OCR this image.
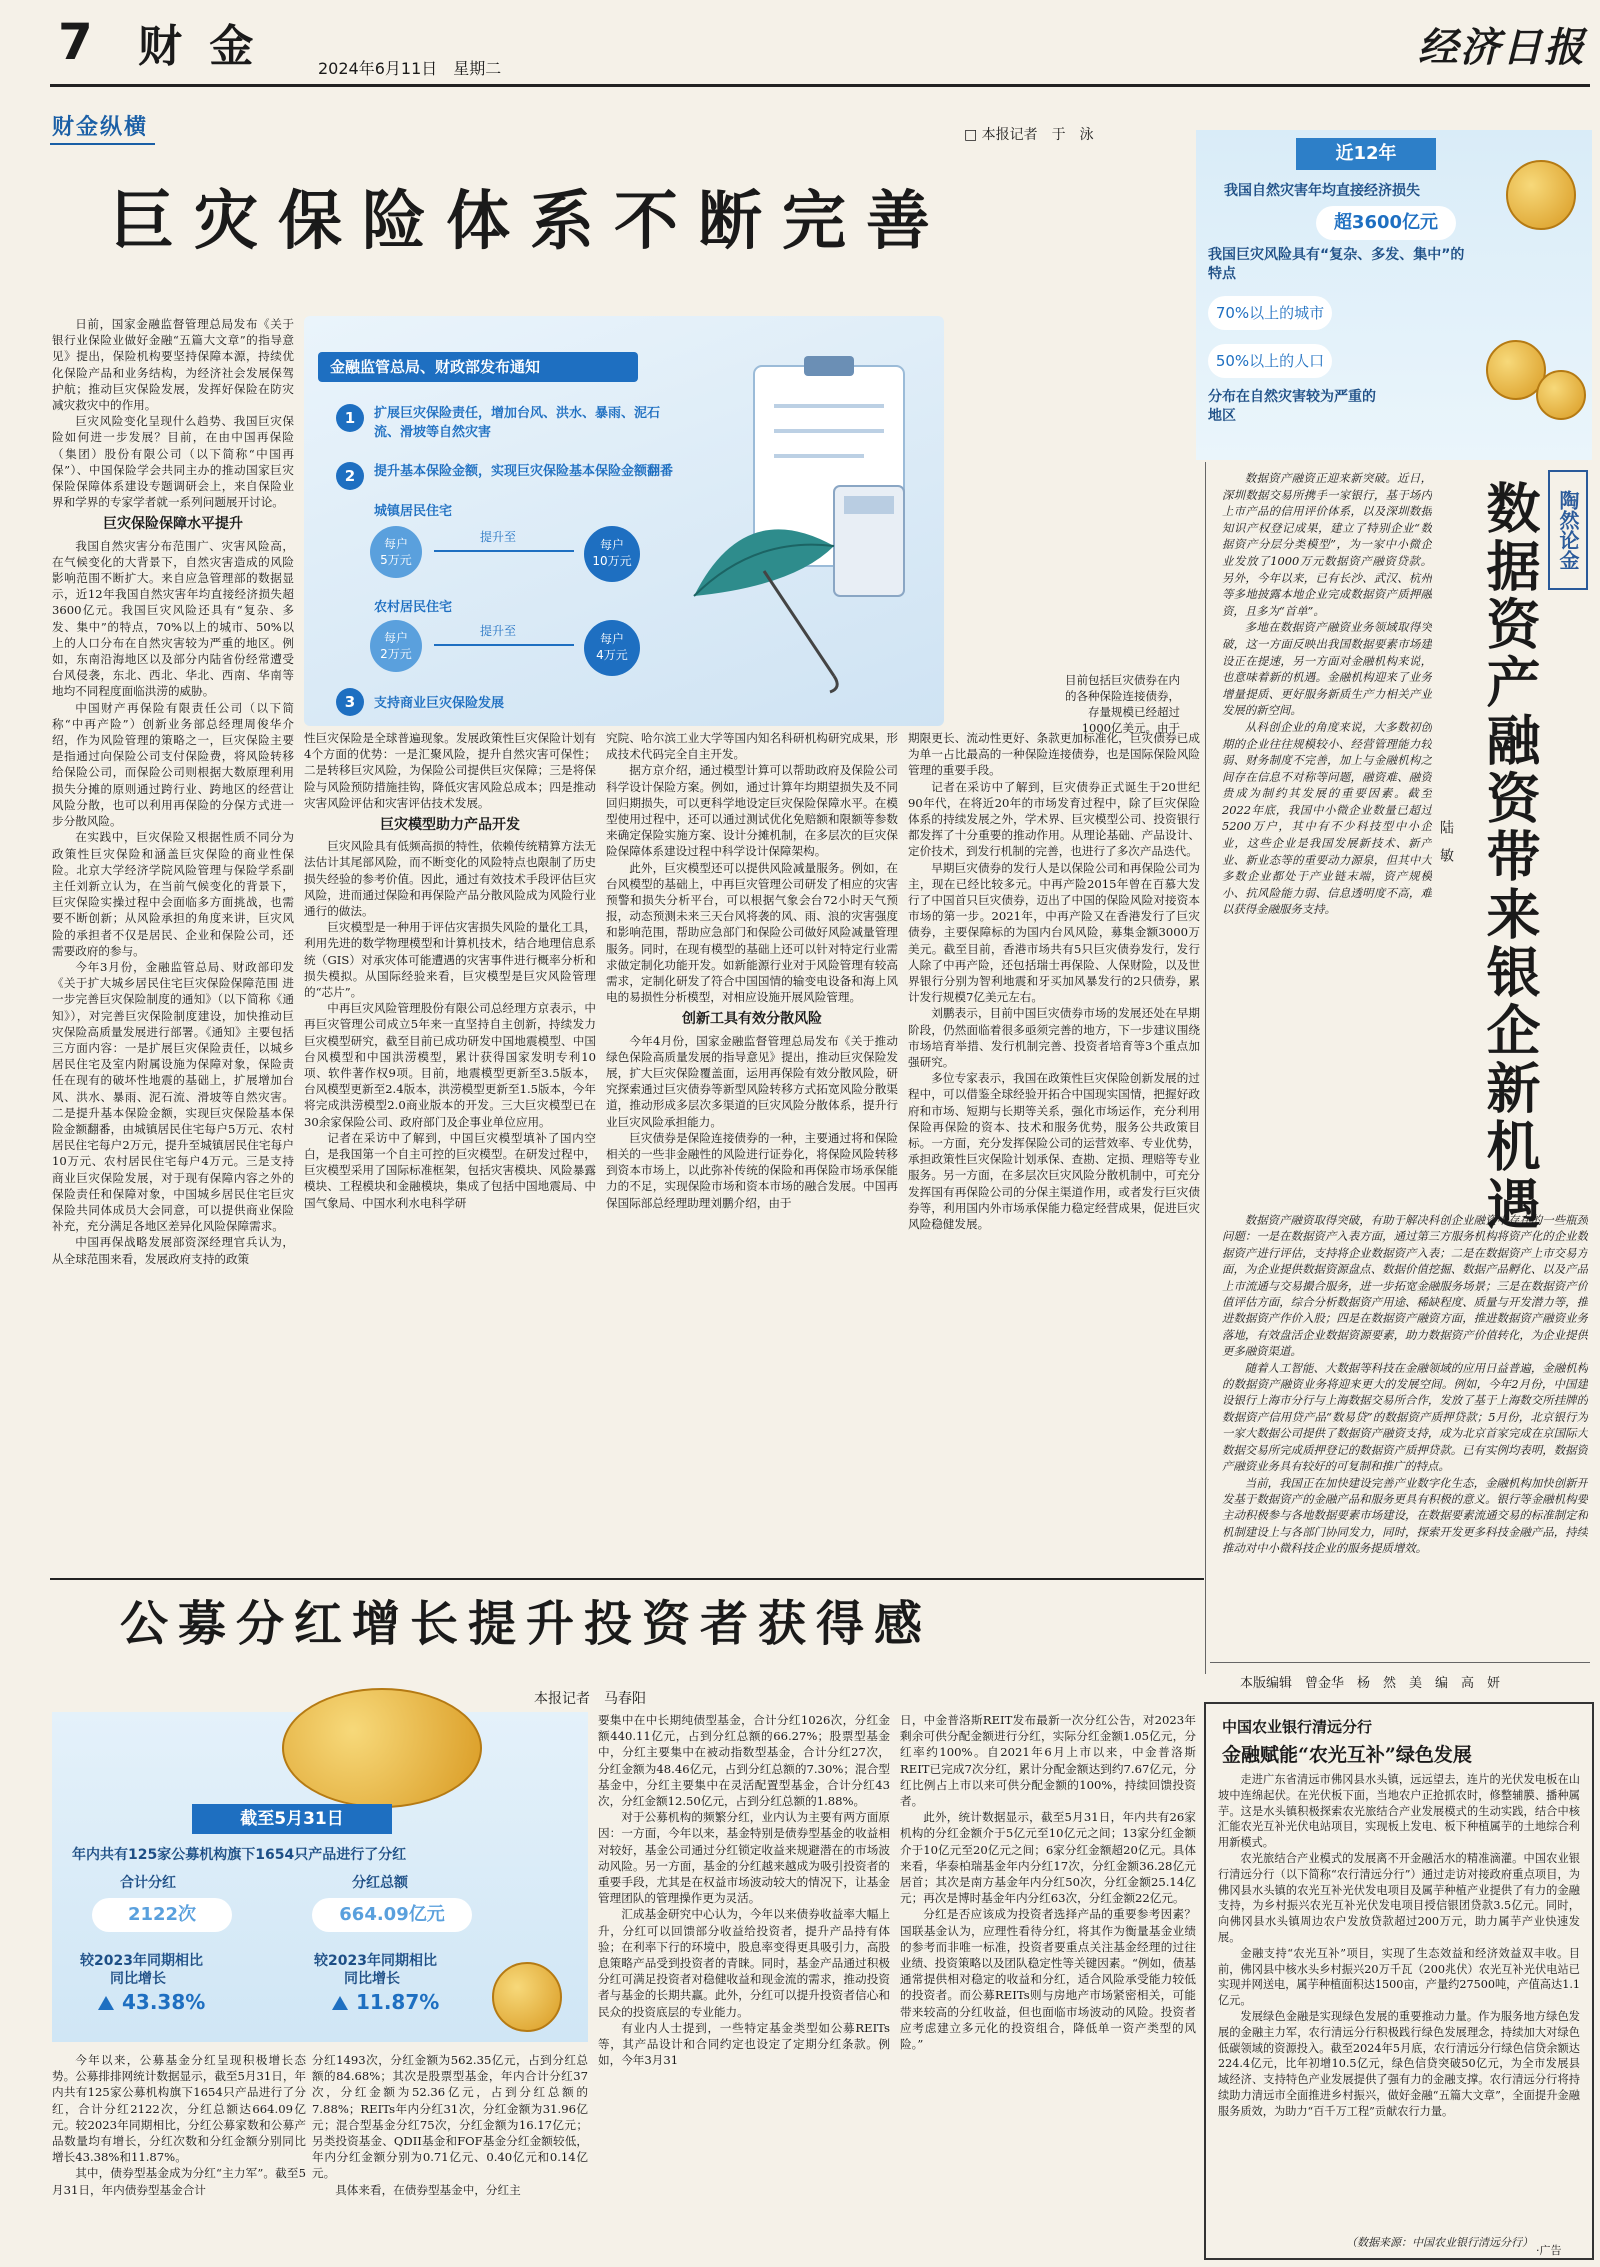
7 财 金	2024年6月11日　星期二	经济日报
财金纵横	□ 本报记者　于　泳
巨灾保险体系不断完善
金融监管总局、财政部发布通知
1	扩展巨灾保险责任，增加台风、洪水、暴雨、泥石流、滑坡等自然灾害
2	提升基本保险金额，实现巨灾保险基本保险金额翻番
城镇居民住宅
每户
5万元
提升至
每户
10万元
农村居民住宅
每户
2万元
提升至
每户
4万元
3	支持商业巨灾保险发展
目前包括巨灾债券在内的各种保险连接债券，存量规模已经超过1000亿美元。由于
近12年
我国自然灾害年均直接经济损失
超3600亿元
我国巨灾风险具有“复杂、多发、集中”的特点
70%以上的城市
50%以上的人口
分布在自然灾害较为严重的地区

日前，国家金融监督管理总局发布《关于银行业保险业做好金融“五篇大文章”的指导意见》提出，保险机构要坚持保障本源，持续优化保险产品和业务结构，为经济社会发展保驾护航；推动巨灾保险发展，发挥好保险在防灾减灾救灾中的作用。

巨灾风险变化呈现什么趋势、我国巨灾保险如何进一步发展？目前，在由中国再保险（集团）股份有限公司（以下简称“中国再保”）、中国保险学会共同主办的推动国家巨灾保险保障体系建设专题调研会上，来自保险业界和学界的专家学者就一系列问题展开讨论。

巨灾保险保障水平提升

我国自然灾害分布范围广、灾害风险高，在气候变化的大背景下，自然灾害造成的风险影响范围不断扩大。来自应急管理部的数据显示，近12年我国自然灾害年均直接经济损失超3600亿元。我国巨灾风险还具有“复杂、多发、集中”的特点，70%以上的城市、50%以上的人口分布在自然灾害较为严重的地区。例如，东南沿海地区以及部分内陆省份经常遭受台风侵袭，东北、西北、华北、西南、华南等地均不同程度面临洪涝的威胁。

中国财产再保险有限责任公司（以下简称“中再产险”）创新业务部总经理周俊华介绍，作为风险管理的策略之一，巨灾保险主要是指通过向保险公司支付保险费，将风险转移给保险公司，而保险公司则根据大数原理利用损失分摊的原则通过跨行业、跨地区的经营让风险分散，也可以利用再保险的分保方式进一步分散风险。

在实践中，巨灾保险又根据性质不同分为政策性巨灾保险和涵盖巨灾保险的商业性保险。北京大学经济学院风险管理与保险学系副主任刘新立认为，在当前气候变化的背景下，巨灾保险实操过程中会面临多方面挑战，也需要不断创新；从风险承担的角度来讲，巨灾风险的承担者不仅是居民、企业和保险公司，还需要政府的参与。

今年3月份，金融监管总局、财政部印发《关于扩大城乡居民住宅巨灾保险保障范围 进一步完善巨灾保险制度的通知》（以下简称《通知》），对完善巨灾保险制度建设，加快推动巨灾保险高质量发展进行部署。《通知》主要包括三方面内容：一是扩展巨灾保险责任，以城乡居民住宅及室内附属设施为保障对象，保险责任在现有的破坏性地震的基础上，扩展增加台风、洪水、暴雨、泥石流、滑坡等自然灾害。二是提升基本保险金额，实现巨灾保险基本保险金额翻番，由城镇居民住宅每户5万元、农村居民住宅每户2万元，提升至城镇居民住宅每户10万元、农村居民住宅每户4万元。三是支持商业巨灾保险发展，对于现有保障内容之外的保险责任和保障对象，中国城乡居民住宅巨灾保险共同体成员大会同意，可以提供商业保险补充，充分满足各地区差异化风险保障需求。

中国再保战略发展部资深经理官兵认为，从全球范围来看，发展政府支持的政策

性巨灾保险是全球普遍现象。发展政策性巨灾保险计划有4个方面的优势：一是汇聚风险，提升自然灾害可保性；二是转移巨灾风险，为保险公司提供巨灾保障；三是将保险与风险预防措施挂钩，降低灾害风险总成本；四是推动灾害风险评估和灾害评估技术发展。
巨灾模型助力产品开发

巨灾风险具有低频高损的特性，依赖传统精算方法无法估计其尾部风险，而不断变化的风险特点也限制了历史损失经验的参考价值。因此，通过有效技术手段评估巨灾风险，进而通过保险和再保险产品分散风险成为风险行业通行的做法。

巨灾模型是一种用于评估灾害损失风险的量化工具，利用先进的数学物理模型和计算机技术，结合地理信息系统（GIS）对承灾体可能遭遇的灾害事件进行概率分析和损失模拟。从国际经验来看，巨灾模型是巨灾风险管理的“芯片”。

中再巨灾风险管理股份有限公司总经理方京表示，中再巨灾管理公司成立5年来一直坚持自主创新，持续发力巨灾模型研究，截至目前已成功研发中国地震模型、中国台风模型和中国洪涝模型，累计获得国家发明专利10项、软件著作权9项。目前，地震模型更新至3.5版本，台风模型更新至2.4版本，洪涝模型更新至1.5版本，今年将完成洪涝模型2.0商业版本的开发。三大巨灾模型已在30余家保险公司、政府部门及企事业单位应用。

记者在采访中了解到，中国巨灾模型填补了国内空白，是我国第一个自主可控的巨灾模型。在研发过程中，巨灾模型采用了国际标准框架，包括灾害模块、风险暴露模块、工程模块和金融模块，集成了包括中国地震局、中国气象局、中国水利水电科学研

究院、哈尔滨工业大学等国内知名科研机构研究成果，形成技术代码完全自主开发。

据方京介绍，通过模型计算可以帮助政府及保险公司科学设计保险方案。例如，通过计算年均期望损失及不同回归期损失，可以更科学地设定巨灾保险保障水平。在模型使用过程中，还可以通过测试优化免赔额和限额等参数来确定保险实施方案、设计分摊机制，在多层次的巨灾保险保障体系建设过程中科学设计保障架构。

此外，巨灾模型还可以提供风险减量服务。例如，在台风模型的基础上，中再巨灾管理公司研发了相应的灾害预警和损失分析平台，可以根据气象会台72小时天气预报，动态预测未来三天台风将袭的风、雨、浪的灾害强度和影响范围，帮助应急部门和保险公司做好风险减量管理服务。同时，在现有模型的基础上还可以针对特定行业需求做定制化功能开发。如新能源行业对于风险管理有较高需求，定制化研发了符合中国国情的输变电设备和海上风电的易损性分析模型，对相应设施开展风险管理。

创新工具有效分散风险

今年4月份，国家金融监督管理总局发布《关于推动绿色保险高质量发展的指导意见》提出，推动巨灾保险发展，扩大巨灾保险覆盖面，运用再保险有效分散风险，研究探索通过巨灾债券等新型风险转移方式拓宽风险分散渠道，推动形成多层次多渠道的巨灾风险分散体系，提升行业巨灾风险承担能力。

巨灾债券是保险连接债券的一种，主要通过将和保险相关的一些非金融性的风险进行证券化，将保险风险转移到资本市场上，以此弥补传统的保险和再保险市场承保能力的不足，实现保险市场和资本市场的融合发展。中国再保国际部总经理助理刘鹏介绍，由于

期限更长、流动性更好、条款更加标准化，巨灾债券已成为单一占比最高的一种保险连接债券，也是国际保险风险管理的重要手段。

记者在采访中了解到，巨灾债券正式诞生于20世纪90年代，在将近20年的市场发育过程中，除了巨灾保险体系的持续发展之外，学术界、巨灾模型公司、投资银行都发挥了十分重要的推动作用。从理论基础、产品设计、定价技术，到发行机制的完善，也进行了多次产品迭代。

早期巨灾债券的发行人是以保险公司和再保险公司为主，现在已经比较多元。中再产险2015年曾在百慕大发行了中国首只巨灾债券，迈出了中国的保险风险对接资本市场的第一步。2021年，中再产险又在香港发行了巨灾债券，主要保障标的为国内台风风险，募集金额3000万美元。截至目前，香港市场共有5只巨灾债券发行，发行人除了中再产险，还包括瑞士再保险、人保财险，以及世界银行分别为智利地震和牙买加风暴发行的2只债券，累计发行规模7亿美元左右。

刘鹏表示，目前中国巨灾债券市场的发展还处在早期阶段，仍然面临着很多亟须完善的地方，下一步建议围绕市场培育举措、发行机制完善、投资者培育等3个重点加强研究。

多位专家表示，我国在政策性巨灾保险创新发展的过程中，可以借鉴全球经验开拓合中国现实国情，把握好政府和市场、短期与长期等关系，强化市场运作，充分利用保险再保险的资本、技术和服务优势，服务公共政策目标。一方面，充分发挥保险公司的运营效率、专业优势，承担政策性巨灾保险计划承保、查勘、定损、理赔等专业服务。另一方面，在多层次巨灾风险分散机制中，可充分发挥国有再保险公司的分保主渠道作用，或者发行巨灾债券等，利用国内外市场承保能力稳定经营成果，促进巨灾风险稳健发展。

陶然论金
数据资产融资带来银企新机遇
陆　敏

数据资产融资正迎来新突破。近日，深圳数据交易所携手一家银行，基于场内上市产品的信用评价体系，以及深圳数据知识产权登记成果，建立了特别企业“数据资产分层分类模型”，为一家中小微企业发放了1000万元数据资产融资贷款。另外，今年以来，已有长沙、武汉、杭州等多地披露本地企业完成数据资产质押融资，且多为“首单”。

多地在数据资产融资业务领域取得突破，这一方面反映出我国数据要素市场建设正在提速，另一方面对金融机构来说，也意味着新的机遇。金融机构迎来了业务增量提质、更好服务新质生产力相关产业发展的新空间。

从科创企业的角度来说，大多数初创期的企业往往规模较小、经营管理能力较弱、财务制度不完善，加上与金融机构之间存在信息不对称等问题，融资难、融资贵成为制约其发展的重要因素。截至2022年底，我国中小微企业数量已超过5200万户，其中有不少科技型中小企业，这些企业是我国发展新技术、新产业、新业态等的重要动力源泉，但其中大多数企业都处于产业链末端，资产规模小、抗风险能力弱、信息透明度不高，难以获得金融服务支持。

数据资产融资取得突破，有助于解决科创企业融资中存在的一些瓶颈问题：一是在数据资产入表方面，通过第三方服务机构将资产化的企业数据资产进行评估，支持将企业数据资产入表；二是在数据资产上市交易方面，为企业提供数据资源盘点、数据价值挖掘、数据产品孵化、以及产品上市流通与交易撮合服务，进一步拓宽金融服务场景；三是在数据资产价值评估方面，综合分析数据资产用途、稀缺程度、质量与开发潜力等，推进数据资产作价入股；四是在数据资产融资方面，推进数据资产融资业务落地，有效盘活企业数据资源要素，助力数据资产价值转化，为企业提供更多融资渠道。

随着人工智能、大数据等科技在金融领域的应用日益普遍，金融机构的数据资产融资业务将迎来更大的发展空间。例如，今年2月份，中国建设银行上海市分行与上海数据交易所合作，发放了基于上海数交所挂牌的数据资产信用贷产品“数易贷”的数据资产质押贷款；5月份，北京银行为一家大数据公司提供了数据资产融资支持，成为北京首家完成在京国际大数据交易所完成质押登记的数据资产质押贷款。已有实例均表明，数据资产融资业务具有较好的可复制和推广的特点。

当前，我国正在加快建设完善产业数字化生态，金融机构加快创新开发基于数据资产的金融产品和服务更具有积极的意义。银行等金融机构要主动积极参与各地数据要素市场建设，在数据要素流通交易的标准制定和机制建设上与各部门协同发力，同时，探索开发更多科技金融产品，持续推动对中小微科技企业的服务提质增效。

本版编辑　曾金华　杨　然　美　编　高　妍
公募分红增长提升投资者获得感
本报记者　马春阳
截至5月31日
年内共有125家公募机构旗下1654只产品进行了分红
合计分红
2122次
分红总额
664.09亿元
较2023年同期相比
同比增长
43.38%
较2023年同期相比
同比增长
11.87%

今年以来，公募基金分红呈现积极增长态势。公募排排网统计数据显示，截至5月31日，年内共有125家公募机构旗下1654只产品进行了分红，合计分红2122次，分红总额达664.09亿元。较2023年同期相比，分红公募家数和公募产品数量均有增长，分红次数和分红金额分别同比增长43.38%和11.87%。

其中，债券型基金成为分红“主力军”。截至5月31日，年内债券型基金合计

分红1493次，分红金额为562.35亿元，占到分红总额的84.68%；其次是股票型基金，年内合计分红37次，分红金额为52.36亿元，占到分红总额的7.88%；REITs年内分红31次，分红金额为31.96亿元；混合型基金分红75次，分红金额为16.17亿元；另类投资基金、QDII基金和FOF基金分红金额较低，年内分红金额分别为0.71亿元、0.40亿元和0.14亿元。

具体来看，在债券型基金中，分红主

要集中在中长期纯债型基金，合计分红1026次，分红金额440.11亿元，占到分红总额的66.27%；股票型基金中，分红主要集中在被动指数型基金，合计分红27次，分红金额为48.46亿元，占到分红总额的7.30%；混合型基金中，分红主要集中在灵活配置型基金，合计分红43次，分红金额12.50亿元，占到分红总额的1.88%。

对于公募机构的频繁分红，业内认为主要有两方面原因：一方面，今年以来，基金特别是债券型基金的收益相对较好，基金公司通过分红锁定收益来规避潜在的市场波动风险。另一方面，基金的分红越来越成为吸引投资者的重要手段，尤其是在权益市场波动较大的情况下，让基金管理团队的管理操作更为灵活。

汇成基金研究中心认为，今年以来债券收益率大幅上升，分红可以回馈部分收益给投资者，提升产品持有体验；在利率下行的环境中，股息率变得更具吸引力，高股息策略产品受到投资者的青睐。同时，基金产品通过积极分红可满足投资者对稳健收益和现金流的需求，推动投资者与基金的长期共赢。此外，分红可以提升投资者信心和民众的投资底层的专业能力。

有业内人士提到，一些特定基金类型如公募REITs等，其产品设计和合同约定也设定了定期分红条款。例如，今年3月31

日，中金普洛斯REIT发布最新一次分红公告，对2023年剩余可供分配金额进行分红，实际分红金额1.05亿元，分红率约100%。自2021年6月上市以来，中金普洛斯REIT已完成7次分红，累计分配金额达到约7.67亿元，分红比例占上市以来可供分配金额的100%，持续回馈投资者。

此外，统计数据显示，截至5月31日，年内共有26家机构的分红金额介于5亿元至10亿元之间；13家分红金额介于10亿元至20亿元之间；6家分红金额超20亿元。具体来看，华泰柏瑞基金年内分红17次，分红金额36.28亿元居首；其次是南方基金年内分红50次，分红金额25.14亿元；再次是博时基金年内分红63次，分红金额22亿元。

分红是否应该成为投资者选择产品的重要参考因素？国联基金认为，应理性看待分红，将其作为衡量基金业绩的参考而非唯一标准，投资者要重点关注基金经理的过往业绩、投资策略以及团队稳定性等关键因素。“例如，债基通常提供相对稳定的收益和分红，适合风险承受能力较低的投资者。而公募REITs则与房地产市场紧密相关，可能带来较高的分红收益，但也面临市场波动的风险。投资者应考虑建立多元化的投资组合，降低单一资产类型的风险。”

中国农业银行清远分行
金融赋能“农光互补”绿色发展

走进广东省清远市佛冈县水头镇，远远望去，连片的光伏发电板在山坡中连绵起伏。在光伏板下面，当地农户正抢抓农时，修整辅膜、播种属芋。这是水头镇积极探索农光旅结合产业发展模式的生动实践，结合中核汇能农光互补光伏电站项目，实现板上发电、板下种植属芋的土地综合利用新模式。

农光旅结合产业模式的发展离不开金融活水的精准滴灌。中国农业银行清远分行（以下简称“农行清远分行”）通过走访对接政府重点项目，为佛冈县水头镇的农光互补光伏发电项目及属芋种植产业提供了有力的金融支持，为乡村振兴农光互补光伏发电项目授信银团贷款3.5亿元。同时，向佛冈县水头镇周边农户发放贷款超过200万元，助力属芋产业快速发展。

金融支持“农光互补”项目，实现了生态效益和经济效益双丰收。目前，佛冈县中核水头乡村振兴20万千瓦（200兆伏）农光互补光伏电站已实现并网送电，属芋种植面积达1500亩，产量约27500吨，产值高达1.1亿元。

发展绿色金融是实现绿色发展的重要推动力量。作为服务地方绿色发展的金融主力军，农行清远分行积极践行绿色发展理念，持续加大对绿色低碳领域的资源投入。截至2024年5月底，农行清远分行绿色信贷余额达224.4亿元，比年初增10.5亿元，绿色信贷突破50亿元，为全市发展县域经济、支持特色产业发展提供了强有力的金融支撑。农行清远分行将持续助力清远市全面推进乡村振兴，做好金融“五篇大文章”，全面提升金融服务质效，为助力“百千万工程”贡献农行力量。

（数据来源：中国农业银行清远分行）
·广告
